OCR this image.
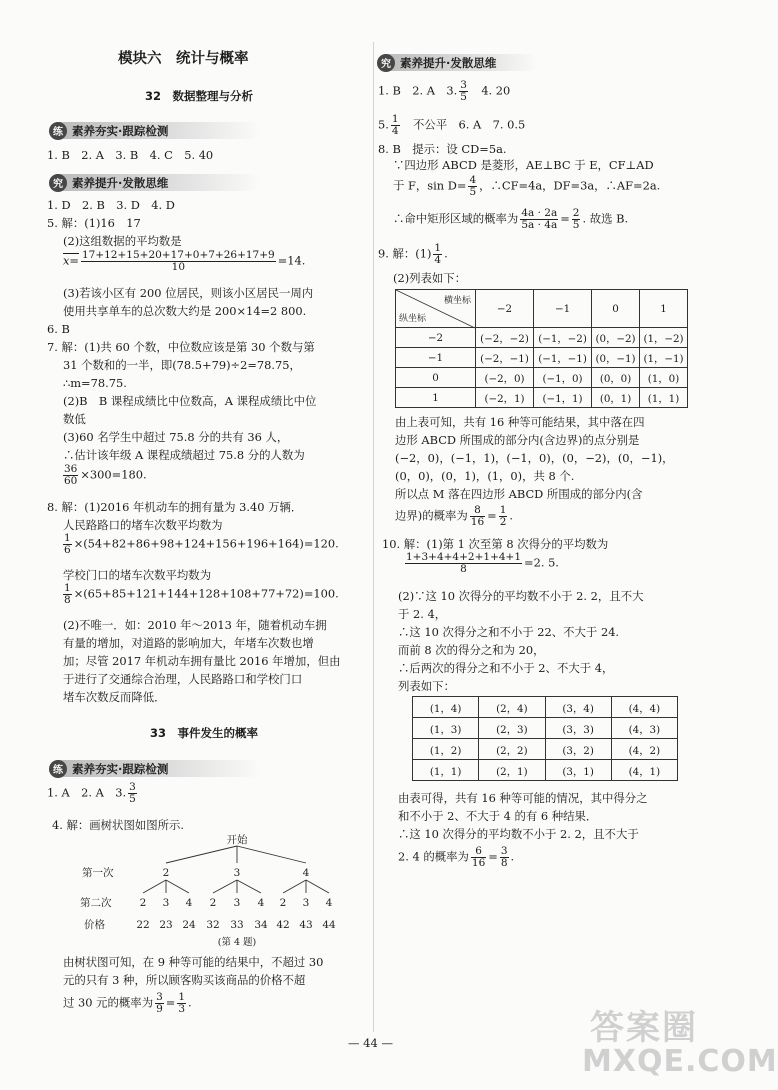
模块六　统计与概率
32　数据整理与分析
练 素养夯实·跟踪检测
1. B　2. A　3. B　4. C　5. 40
究 素养提升·发散思维
1. D　2. B　3. D　4. D
5. 解：(1)16　17
(2)这组数据的平均数是
$x= \frac{17+12+15+20+17+0+7+26+17+9}{10} =14$.
(3)若该小区有 200 位居民，则该小区居民一周内
使用共享单车的总次数大约是 200×14=2 800.
6. B
7. 解：(1)共 60 个数，中位数应该是第 30 个数与第
31 个数和的一半，即(78.5+79)÷2=78.75，
∴m=78.75.
(2)B　B 课程成绩比中位数高，A 课程成绩比中位
数低
(3)60 名学生中超过 75.8 分的共有 36 人，
∴估计该年级 A 课程成绩超过 75.8 分的人数为
$\frac{36}{60} \times 300=180$.
8. 解：(1)2016 年机动车的拥有量为 3.40 万辆．
人民路路口的堵车次数平均数为
$\frac{1}{6} \times(54+82+86+98+124+156+196+164)=120$.
学校门口的堵车次数平均数为
$\frac{1}{8} \times(65+85+121+144+128+108+77+72)=100$.
(2)不唯一．如：2010 年～2013 年，随着机动车拥
有量的增加，对道路的影响加大，年堵车次数也增
加；尽管 2017 年机动车拥有量比 2016 年增加，但由
于进行了交通综合治理，人民路路口和学校门口
堵车次数反而降低．
33　事件发生的概率
练 素养夯实·跟踪检测
1. A　2. A　3. $\frac{3}{5}$
4. 解：画树状图如图所示.
开始
第一次	2	3	4
第二次	2 3 4 2 3 4 2 3 4
价格	22 23 24 32 33 34 42 43 44
(第 4 题)
由树状图可知，在 9 种等可能的结果中，不超过 30
元的只有 3 种，所以顾客购买该商品的价格不超
过 30 元的概率为 $\frac{3}{9} = \frac{1}{3}$ .
究 素养提升·发散思维
1. B　2. A　3. $\frac{3}{5}$ 　4. 20
5. $\frac{1}{4}$ 　不公平　6. A　7. 0.5
8. B　提示：设 CD=5a.
∵四边形 ABCD 是菱形，AE⊥BC 于 E，CF⊥AD
于 F，$\sin D= \frac{4}{5}$ ，∴CF=4a，DF=3a，∴AF=2a.
∴命中矩形区域的概率为 $\frac{4a \cdot 2a}{5a \cdot 4a} = \frac{2}{5}$ . 故选 B.
9. 解：$(1) \frac{1}{4}$ .
(2)列表如下：
横坐标
纵坐标	−2	−1	0	1
−2	(−2，−2)	(−1，−2)	(0，−2)	(1，−2)
−1	(−2，−1)	(−1，−1)	(0，−1)	(1，−1)
0	(−2，0)	(−1，0)	(0，0)	(1，0)
1	(−2，1)	(−1，1)	(0，1)	(1，1)
由上表可知，共有 16 种等可能结果，其中落在四
边形 ABCD 所围成的部分内(含边界)的点分别是
(−2，0)，(−1，1)，(−1，0)，(0，−2)，(0，−1)，
(0，0)，(0，1)，(1，0)，共 8 个.
所以点 M 落在四边形 ABCD 所围成的部分内(含
边界)的概率为 $\frac{8}{16} = \frac{1}{2}$ .
10. 解：(1)第 1 次至第 8 次得分的平均数为
$\frac{1+3+4+4+2+1+4+1}{8} =2$. 5.
(2)∵这 10 次得分的平均数不小于 2. 2，且不大
于 2. 4，
∴这 10 次得分之和不小于 22、不大于 24.
而前 8 次的得分之和为 20，
∴后两次的得分之和不小于 2、不大于 4，
列表如下：
(1，4)	(2，4)	(3，4)	(4，4)
(1，3)	(2，3)	(3，3)	(4，3)
(1，2)	(2，2)	(3，2)	(4，2)
(1，1)	(2，1)	(3，1)	(4，1)
由表可得，共有 16 种等可能的情况，其中得分之
和不小于 2、不大于 4 的有 6 种结果．
∴这 10 次得分的平均数不小于 2. 2，且不大于
2. 4 的概率为 $\frac{6}{16} = \frac{3}{8}$ .
— 44 —	答案圈
MXQE.COM
